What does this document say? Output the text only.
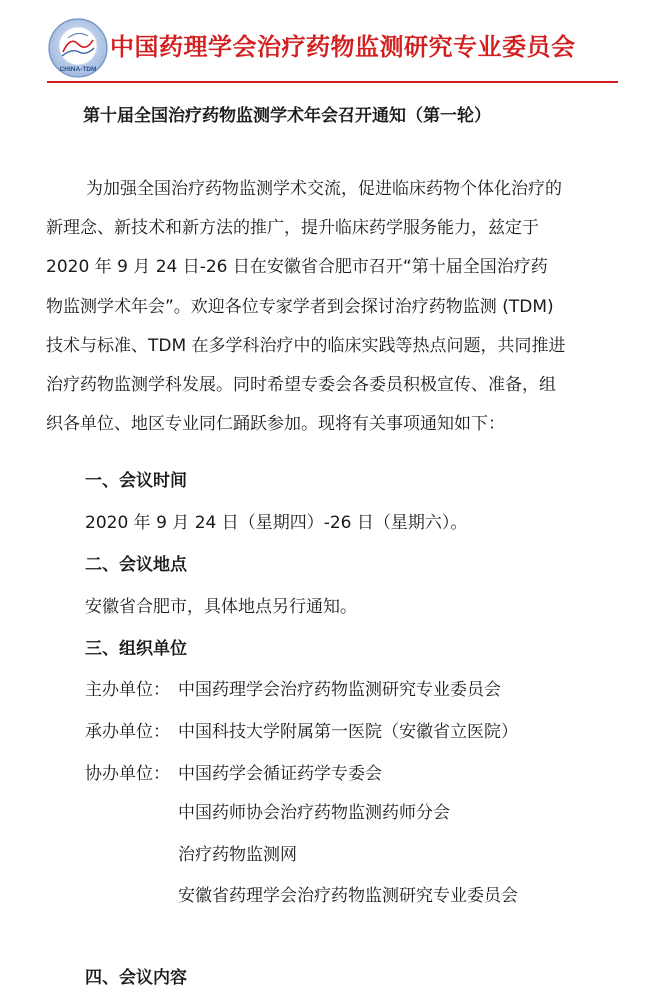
CHINA-TDM
中国药理学会治疗药物监测研究专业委员会
第十届全国治疗药物监测学术年会召开通知（第一轮）
为加强全国治疗药物监测学术交流，促进临床药物个体化治疗的
新理念、新技术和新方法的推广，提升临床药学服务能力，兹定于
2020 年 9 月 24 日-26 日在安徽省合肥市召开“第十届全国治疗药
物监测学术年会”。欢迎各位专家学者到会探讨治疗药物监测 (TDM)
技术与标准、TDM 在多学科治疗中的临床实践等热点问题，共同推进
治疗药物监测学科发展。同时希望专委会各委员积极宣传、准备，组
织各单位、地区专业同仁踊跃参加。现将有关事项通知如下：
一、会议时间
2020 年 9 月 24 日（星期四）-26 日（星期六）。
二、会议地点
安徽省合肥市，具体地点另行通知。
三、组织单位
主办单位： 中国药理学会治疗药物监测研究专业委员会
承办单位： 中国科技大学附属第一医院（安徽省立医院）
协办单位： 中国药学会循证药学专委会
中国药师协会治疗药物监测药师分会
治疗药物监测网
安徽省药理学会治疗药物监测研究专业委员会
四、会议内容
